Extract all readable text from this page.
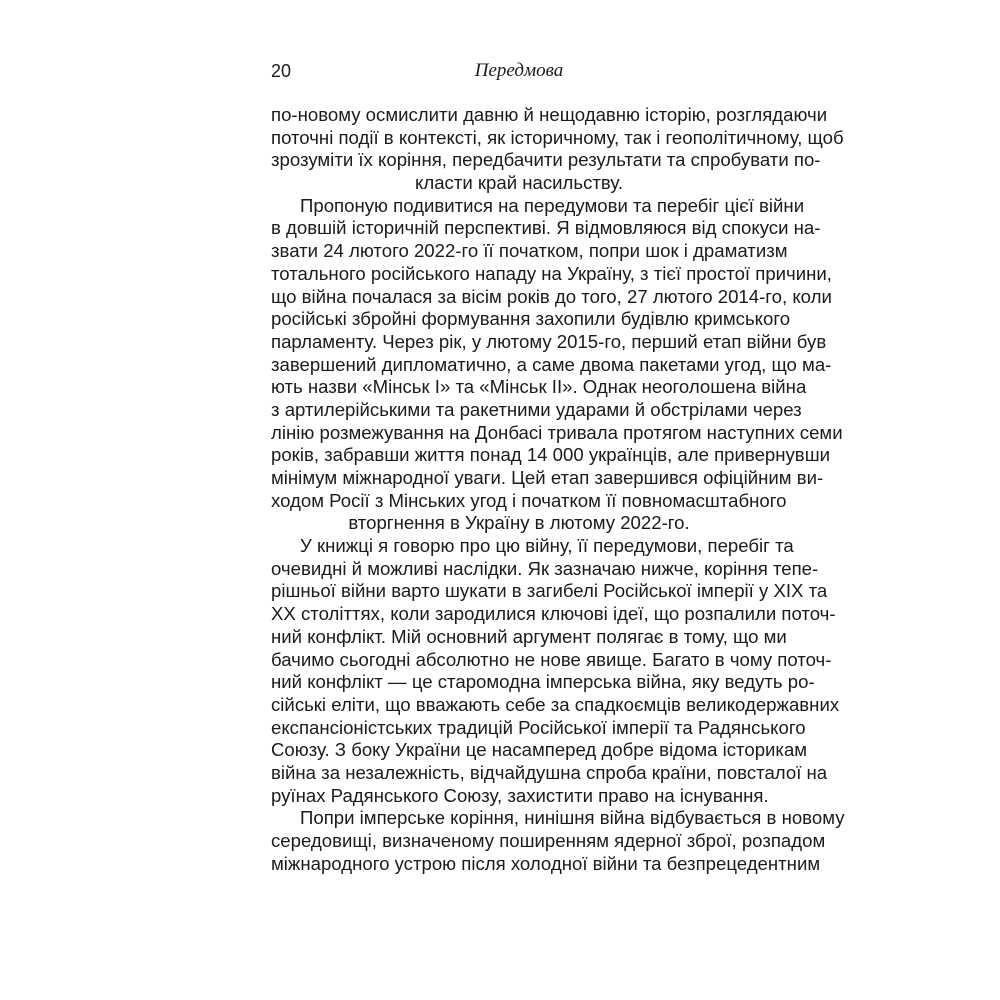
20	Передмова
по-новому осмислити давню й нещодавню історію, розглядаючи
поточні події в контексті, як історичному, так і геополітичному, щоб
зрозуміти їх коріння, передбачити результати та спробувати по-
класти край насильству.
Пропоную подивитися на передумови та перебіг цієї війни
в довшій історичній перспективі. Я відмовляюся від спокуси на-
звати 24 лютого 2022-го її початком, попри шок і драматизм
тотального російського нападу на Україну, з тієї простої причини,
що війна почалася за вісім років до того, 27 лютого 2014-го, коли
російські збройні формування захопили будівлю кримського
парламенту. Через рік, у лютому 2015-го, перший етап війни був
завершений дипломатично, а саме двома пакетами угод, що ма-
ють назви «Мінськ I» та «Мінськ II». Однак неоголошена війна
з артилерійськими та ракетними ударами й обстрілами через
лінію розмежування на Донбасі тривала протягом наступних семи
років, забравши життя понад 14 000 українців, але привернувши
мінімум міжнародної уваги. Цей етап завершився офіційним ви-
ходом Росії з Мінських угод і початком її повномасштабного
вторгнення в Україну в лютому 2022-го.
У книжці я говорю про цю війну, її передумови, перебіг та
очевидні й можливі наслідки. Як зазначаю нижче, коріння тепе-
рішньої війни варто шукати в загибелі Російської імперії у XIX та
XX століттях, коли зародилися ключові ідеї, що розпалили поточ-
ний конфлікт. Мій основний аргумент полягає в тому, що ми
бачимо сьогодні абсолютно не нове явище. Багато в чому поточ-
ний конфлікт — це старомодна імперська війна, яку ведуть ро-
сійські еліти, що вважають себе за спадкоємців великодержавних
експансіоністських традицій Російської імперії та Радянського
Союзу. З боку України це насамперед добре відома історикам
війна за незалежність, відчайдушна спроба країни, повсталої на
руїнах Радянського Союзу, захистити право на існування.
Попри імперське коріння, нинішня війна відбувається в новому
середовищі, визначеному поширенням ядерної зброї, розпадом
міжнародного устрою після холодної війни та безпрецедентним
